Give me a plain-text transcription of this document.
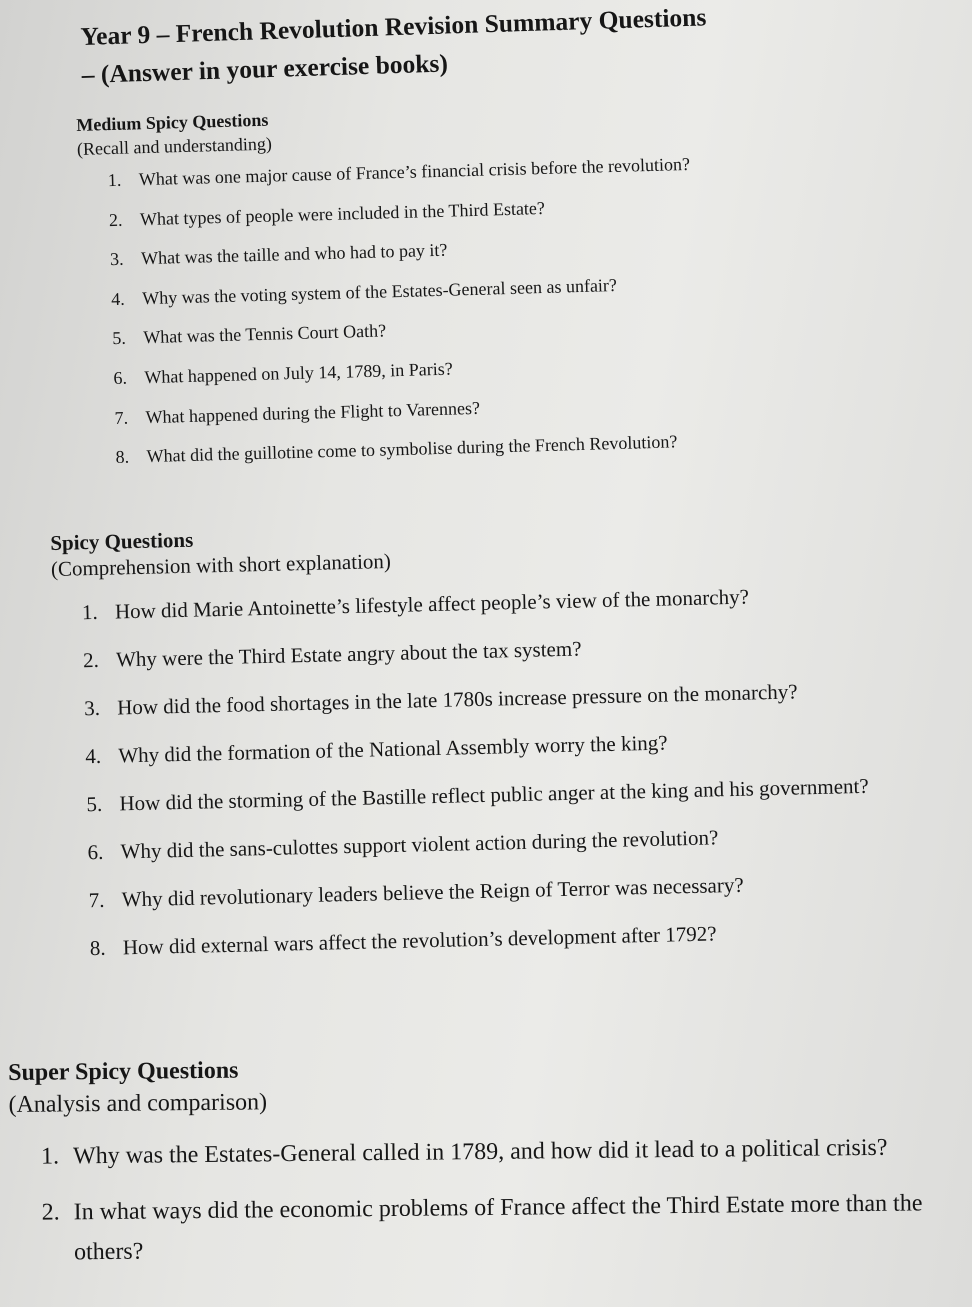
Year 9 – French Revolution Revision Summary Questions
– (Answer in your exercise books)

Medium Spicy Questions

(Recall and understanding)

1. What was one major cause of France’s financial crisis before the revolution?
2. What types of people were included in the Third Estate?
3. What was the taille and who had to pay it?
4. Why was the voting system of the Estates-General seen as unfair?
5. What was the Tennis Court Oath?
6. What happened on July 14, 1789, in Paris?
7. What happened during the Flight to Varennes?
8. What did the guillotine come to symbolise during the French Revolution?

Spicy Questions

(Comprehension with short explanation)

1. How did Marie Antoinette’s lifestyle affect people’s view of the monarchy?
2. Why were the Third Estate angry about the tax system?
3. How did the food shortages in the late 1780s increase pressure on the monarchy?
4. Why did the formation of the National Assembly worry the king?
5. How did the storming of the Bastille reflect public anger at the king and his government?
6. Why did the sans-culottes support violent action during the revolution?
7. Why did revolutionary leaders believe the Reign of Terror was necessary?
8. How did external wars affect the revolution’s development after 1792?

Super Spicy Questions

(Analysis and comparison)

1. Why was the Estates-General called in 1789, and how did it lead to a political crisis?
2. In what ways did the economic problems of France affect the Third Estate more than the others?
